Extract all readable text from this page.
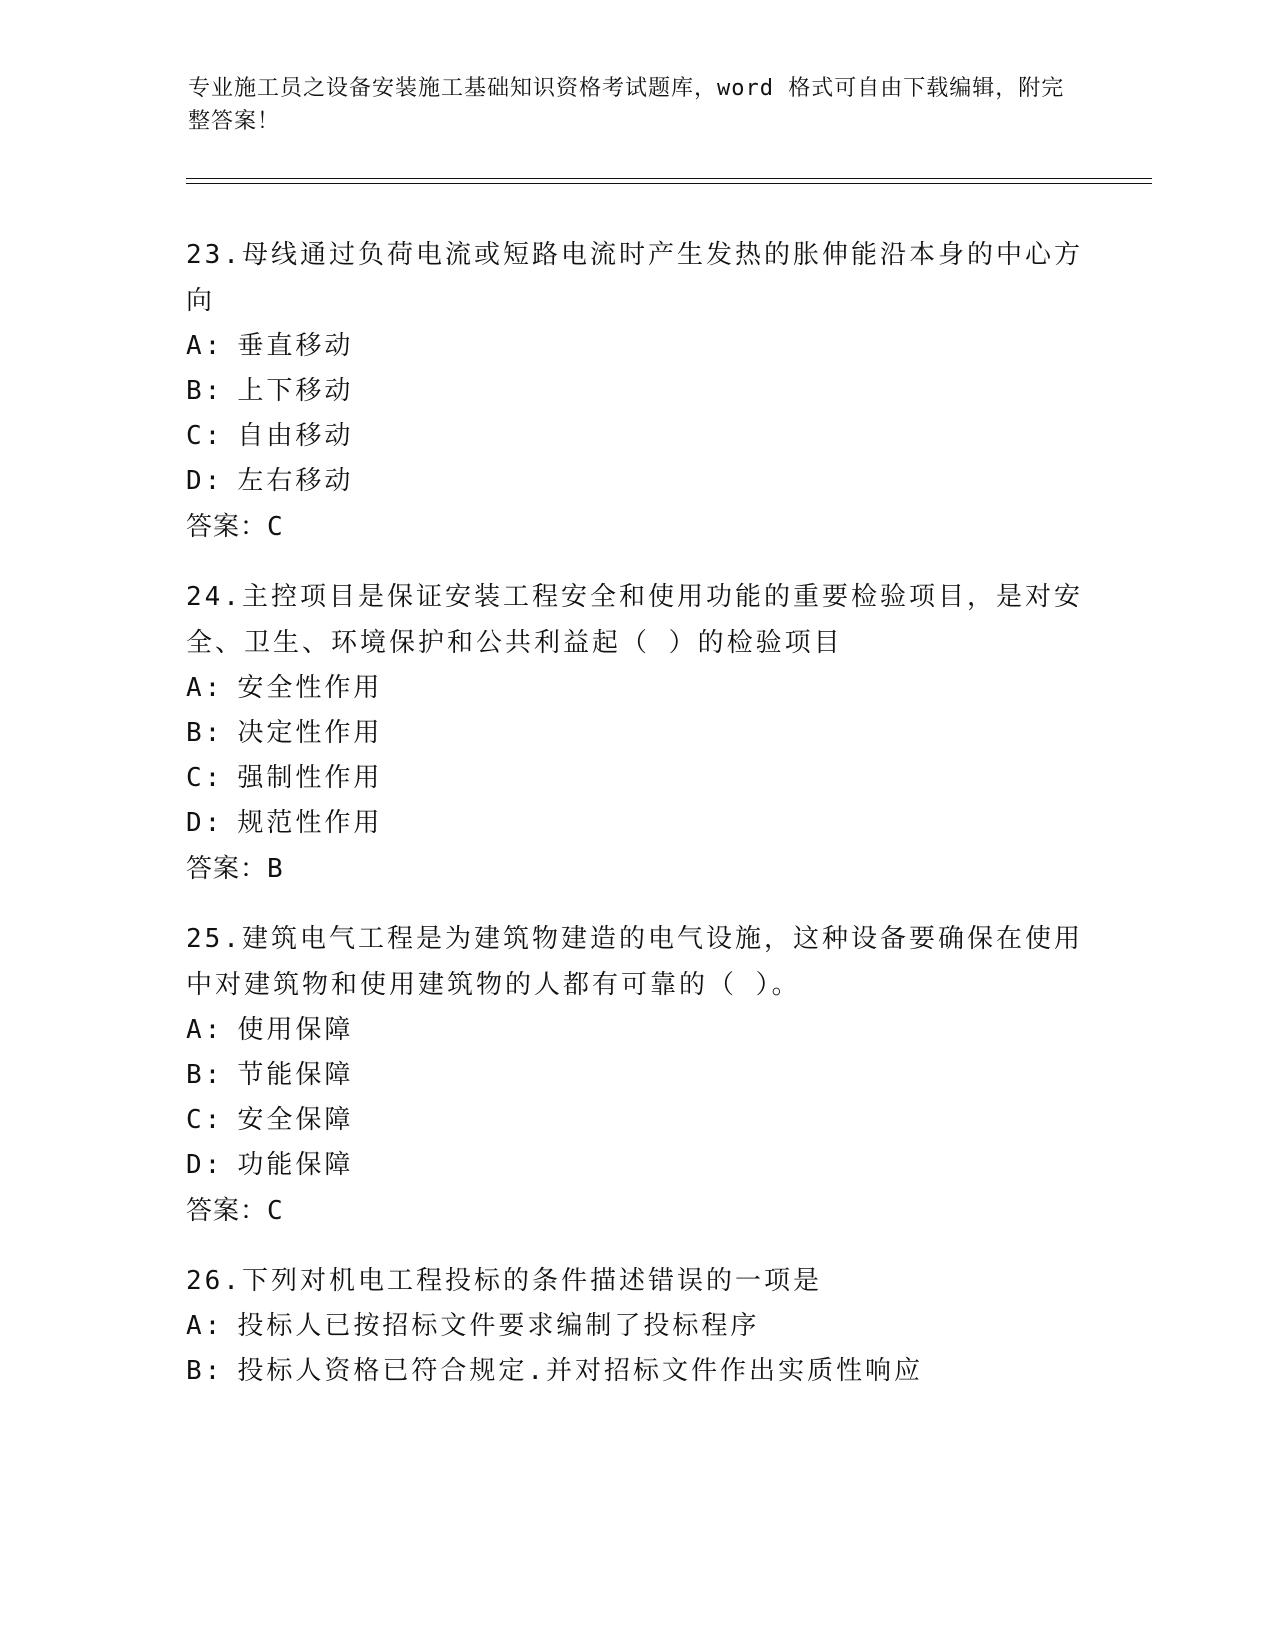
专业施工员之设备安装施工基础知识资格考试题库，word 格式可自由下载编辑，附完整答案！
23.母线通过负荷电流或短路电流时产生发热的胀伸能沿本身的中心方向
A: 垂直移动
B: 上下移动
C: 自由移动
D: 左右移动
答案：C
24.主控项目是保证安装工程安全和使用功能的重要检验项目，是对安全、卫生、环境保护和公共利益起（ ）的检验项目
A: 安全性作用
B: 决定性作用
C: 强制性作用
D: 规范性作用
答案：B
25.建筑电气工程是为建筑物建造的电气设施，这种设备要确保在使用中对建筑物和使用建筑物的人都有可靠的（ ）。
A: 使用保障
B: 节能保障
C: 安全保障
D: 功能保障
答案：C
26.下列对机电工程投标的条件描述错误的一项是
A: 投标人已按招标文件要求编制了投标程序
B: 投标人资格已符合规定.并对招标文件作出实质性响应
